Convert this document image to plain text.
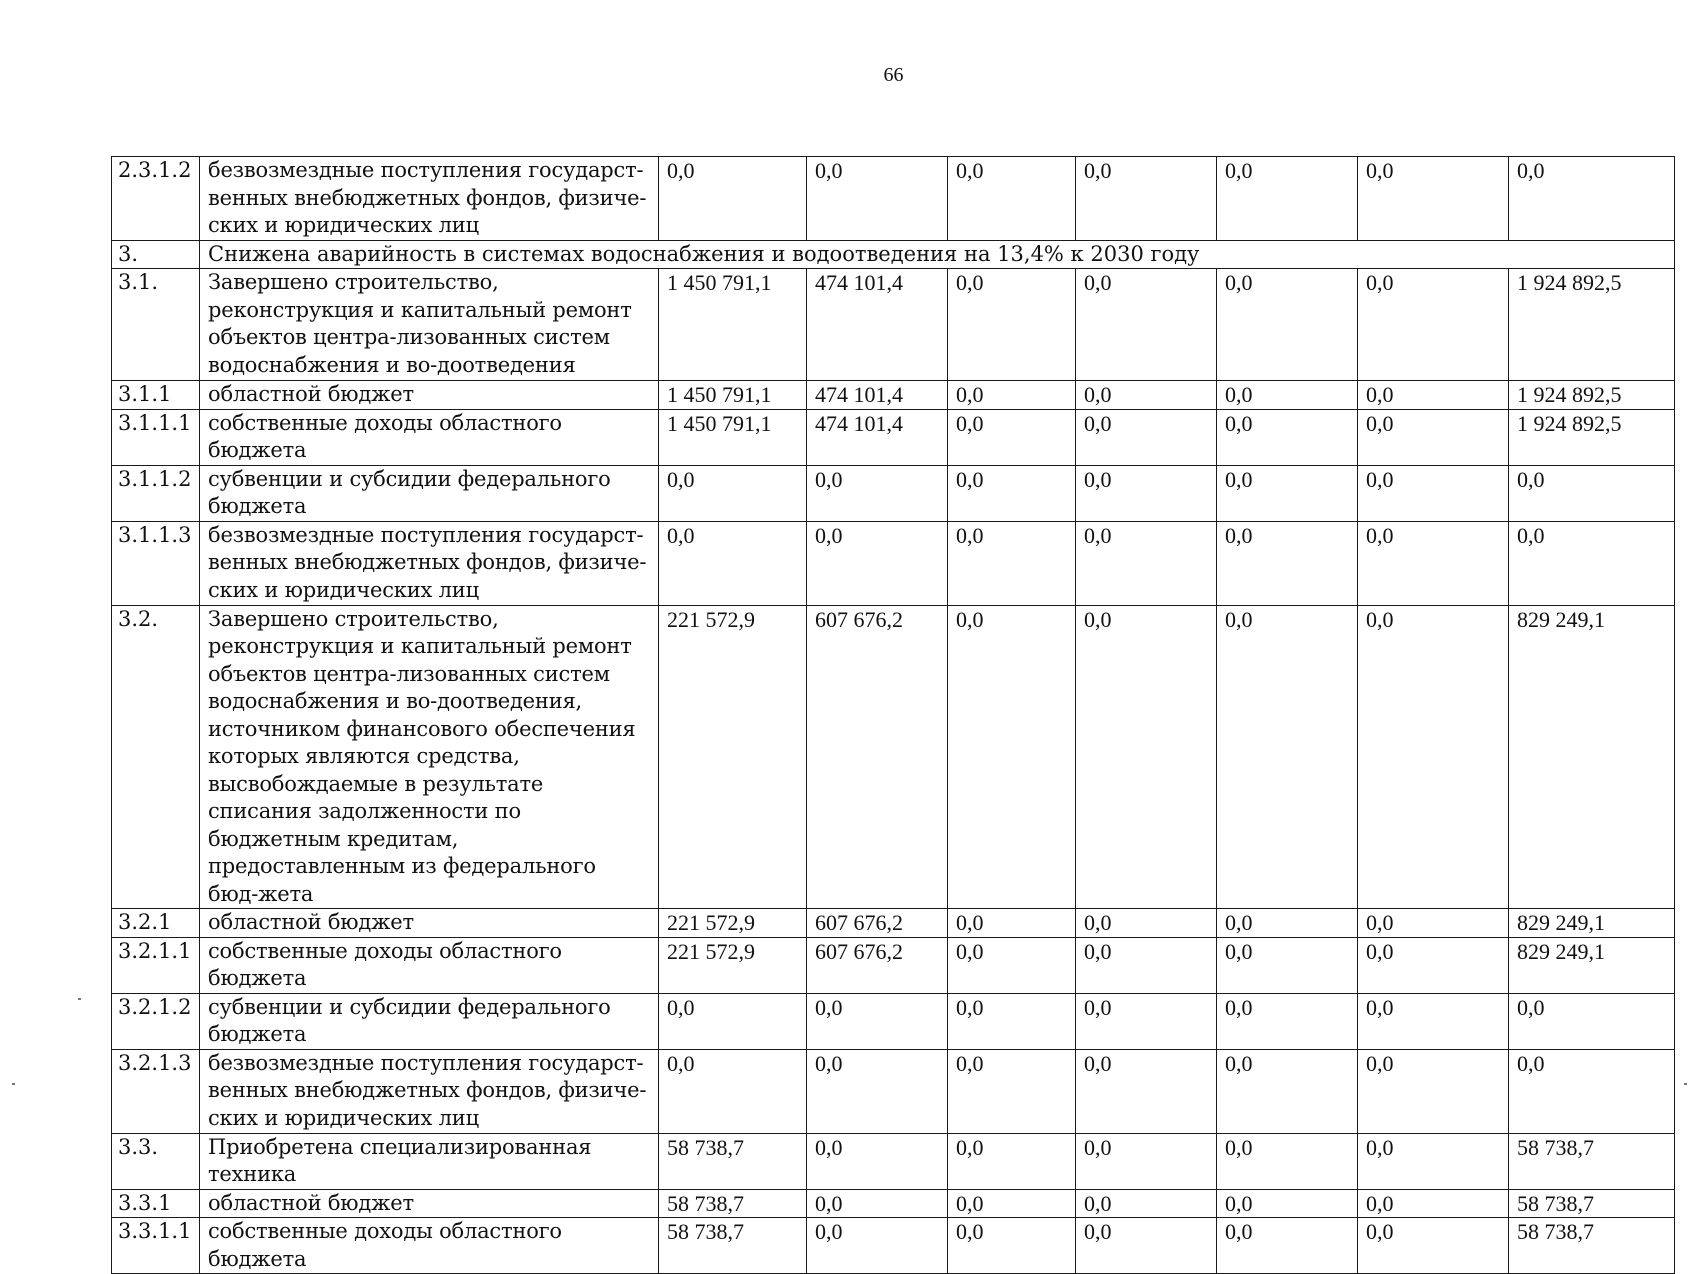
66
2.3.1.2	безвозмездные поступления государст-венных внебюджетных фондов, физиче-ских и юридических лиц	0,0	0,0	0,0	0,0	0,0	0,0	0,0
3.	Снижена аварийность в системах водоснабжения и водоотведения на 13,4% к 2030 году							
3.1.	Завершено строительство, реконструкция и капитальный ремонт объектов центра-лизованных систем водоснабжения и во-доотведения	1 450 791,1	474 101,4	0,0	0,0	0,0	0,0	1 924 892,5
3.1.1	областной бюджет	1 450 791,1	474 101,4	0,0	0,0	0,0	0,0	1 924 892,5
3.1.1.1	собственные доходы областного бюджета	1 450 791,1	474 101,4	0,0	0,0	0,0	0,0	1 924 892,5
3.1.1.2	субвенции и субсидии федерального бюджета	0,0	0,0	0,0	0,0	0,0	0,0	0,0
3.1.1.3	безвозмездные поступления государст-венных внебюджетных фондов, физиче-ских и юридических лиц	0,0	0,0	0,0	0,0	0,0	0,0	0,0
3.2.	Завершено строительство, реконструкция и капитальный ремонт объектов центра-лизованных систем водоснабжения и во-доотведения, источником финансового обеспечения которых являются средства, высвобождаемые в результате списания задолженности по бюджетным кредитам, предоставленным из федерального бюд-жета	221 572,9	607 676,2	0,0	0,0	0,0	0,0	829 249,1
3.2.1	областной бюджет	221 572,9	607 676,2	0,0	0,0	0,0	0,0	829 249,1
3.2.1.1	собственные доходы областного бюджета	221 572,9	607 676,2	0,0	0,0	0,0	0,0	829 249,1
3.2.1.2	субвенции и субсидии федерального бюджета	0,0	0,0	0,0	0,0	0,0	0,0	0,0
3.2.1.3	безвозмездные поступления государст-венных внебюджетных фондов, физиче-ских и юридических лиц	0,0	0,0	0,0	0,0	0,0	0,0	0,0
3.3.	Приобретена специализированная техника	58 738,7	0,0	0,0	0,0	0,0	0,0	58 738,7
3.3.1	областной бюджет	58 738,7	0,0	0,0	0,0	0,0	0,0	58 738,7
3.3.1.1	собственные доходы областного бюджета	58 738,7	0,0	0,0	0,0	0,0	0,0	58 738,7
